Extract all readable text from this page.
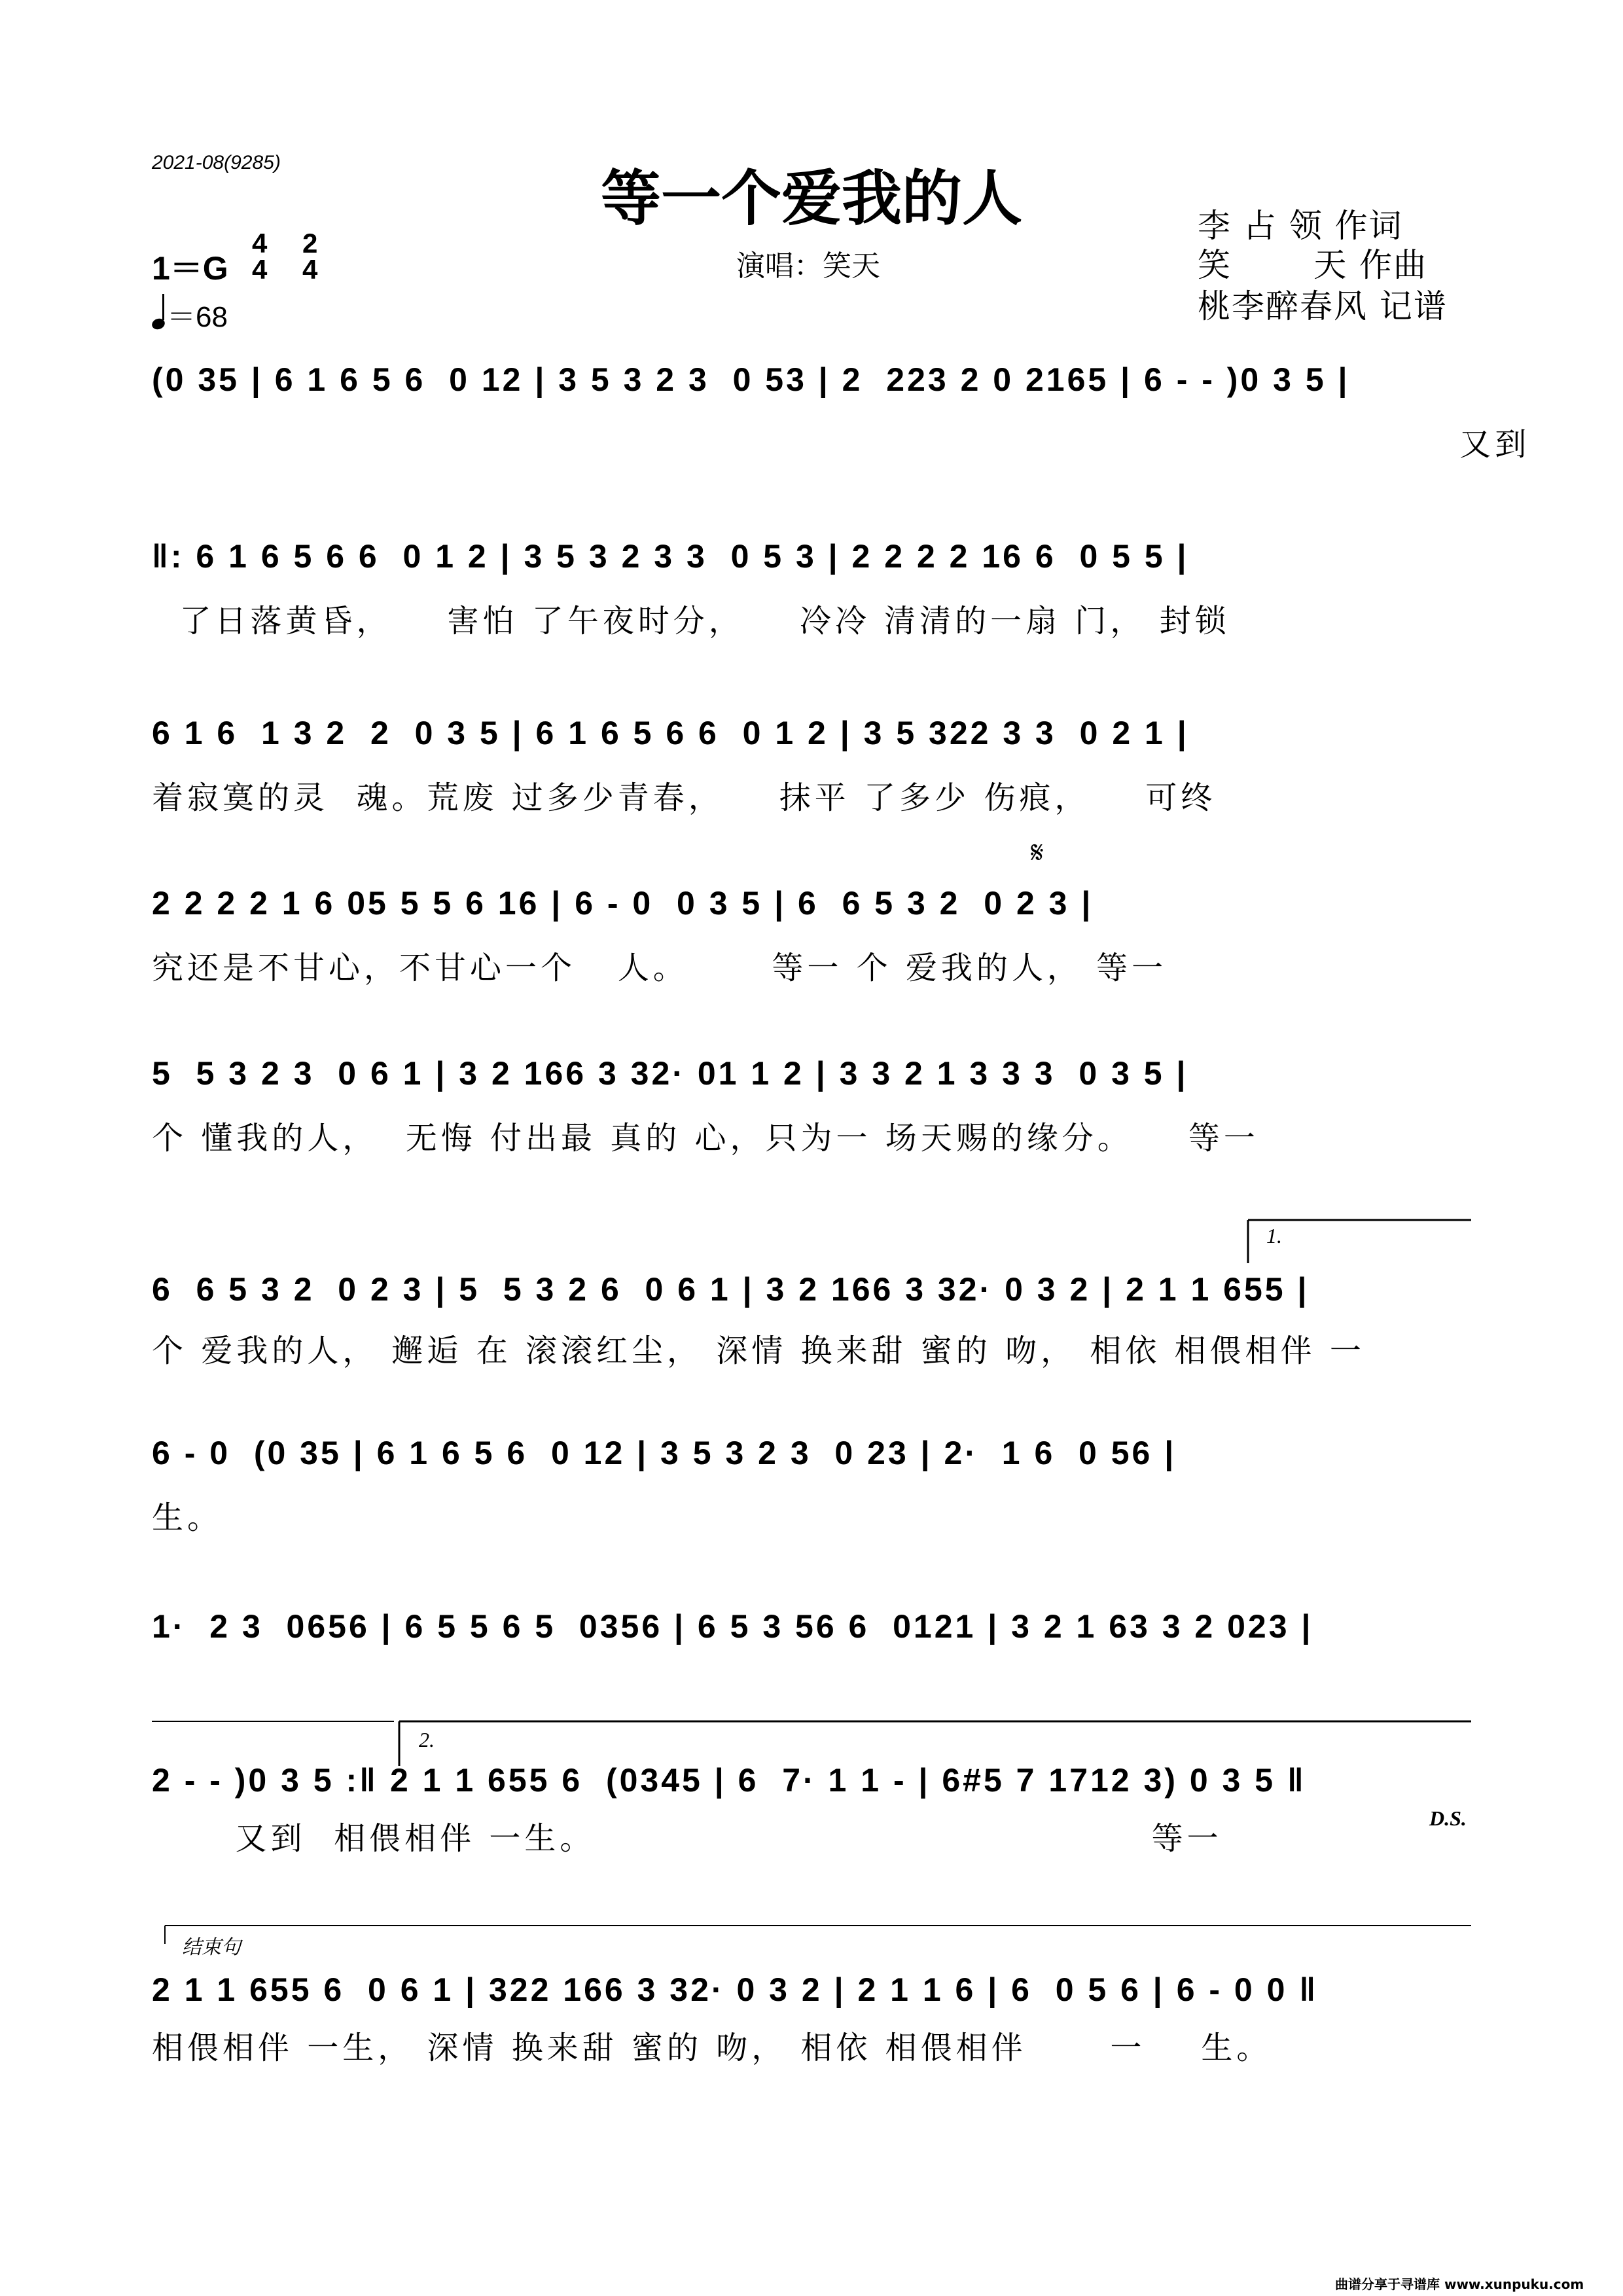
2021-08(9285)
等一个爱我的人
演唱：笑天
李 占 领 作词
笑       天 作曲
桃李醉春风 记谱
1＝G
4
4
2
4
＝68
(0 35 | 6 1 6 5 6  0 12 | 3 5 3 2 3  0 53 | 2  223 2 0 2165 | 6 - - )0 3 5 |
又到
‖: 6 1 6 5 6 6  0 1 2 | 3 5 3 2 3 3  0 5 3 | 2 2 2 2 16 6  0 5 5 |
了日落黄昏，    害怕 了午夜时分，    冷冷 清清的一扇 门， 封锁
6 1 6  1 3 2  2  0 3 5 | 6 1 6 5 6 6  0 1 2 | 3 5 322 3 3  0 2 1 |
着寂寞的灵  魂。荒废 过多少青春，    抹平 了多少 伤痕，    可终
𝄋
2 2 2 2 1 6 05 5 5 6 16 | 6 - 0  0 3 5 | 6  6 5 3 2  0 2 3 |
究还是不甘心，不甘心一个   人。      等一 个 爱我的人， 等一
5  5 3 2 3  0 6 1 | 3 2 166 3 32· 01 1 2 | 3 3 2 1 3 3 3  0 3 5 |
个 懂我的人，  无悔 付出最 真的 心，只为一 场天赐的缘分。    等一
1.
6  6 5 3 2  0 2 3 | 5  5 3 2 6  0 6 1 | 3 2 166 3 32· 0 3 2 | 2 1 1 655 |
个 爱我的人， 邂逅 在 滚滚红尘， 深情 换来甜 蜜的 吻， 相依 相偎相伴 一
6 - 0  (0 35 | 6 1 6 5 6  0 12 | 3 5 3 2 3  0 23 | 2·  1 6  0 56 |
生。
1·  2 3  0656 | 6 5 5 6 5  0356 | 6 5 3 56 6  0121 | 3 2 1 63 3 2 023 |
2.
2 - - )0 3 5 :‖ 2 1 1 655 6  (0345 | 6  7· 1 1 - | 6#5 7 1712 3) 0 3 5 ‖
又到  相偎相伴 一生。                                        等一
D.S.
结束句
2 1 1 655 6  0 6 1 | 322 166 3 32· 0 3 2 | 2 1 1 6 | 6  0 5 6 | 6 - 0 0 ‖
相偎相伴 一生， 深情 换来甜 蜜的 吻， 相依 相偎相伴      一    生。
曲谱分享于寻谱库 www.xunpuku.com
